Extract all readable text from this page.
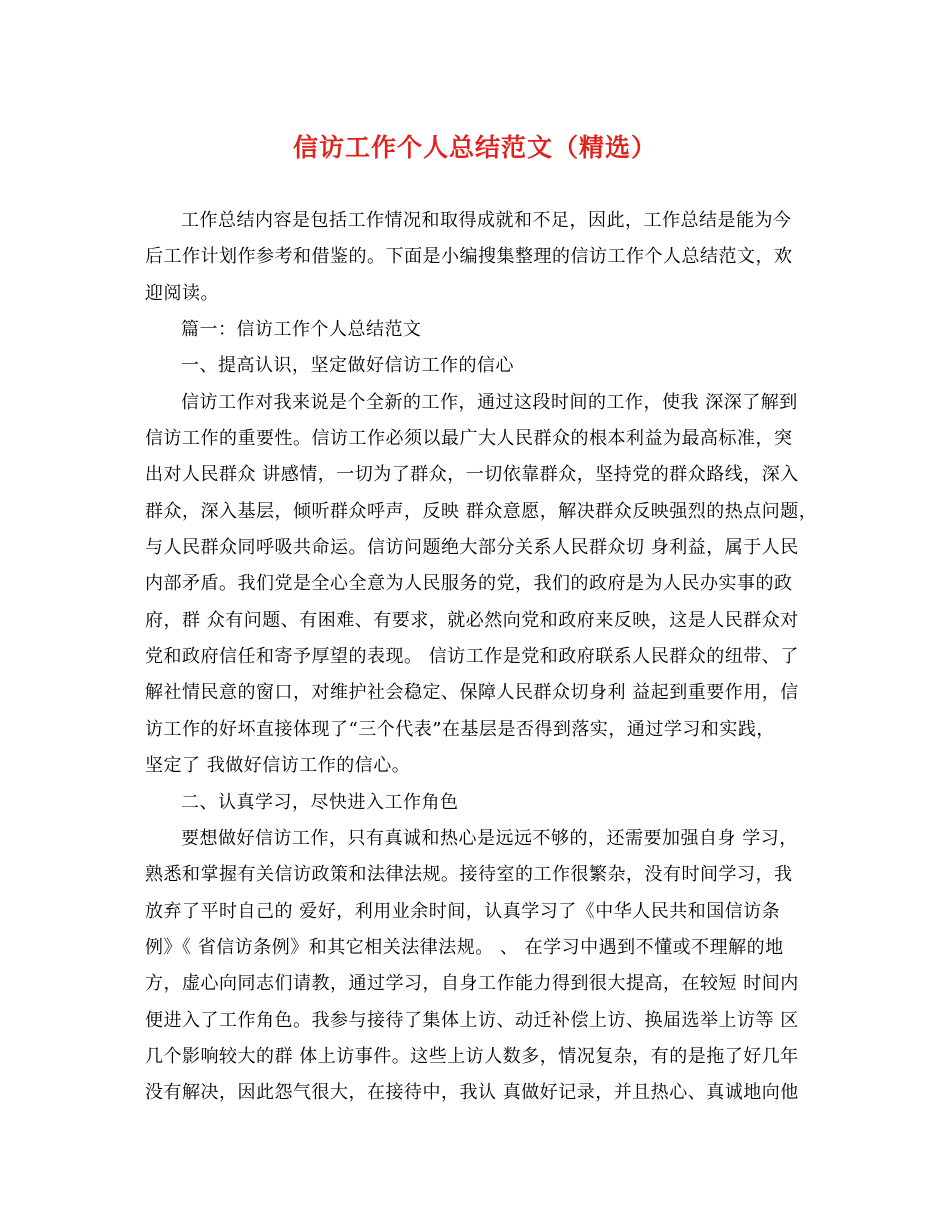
信访工作个人总结范文（精选）
工作总结内容是包括工作情况和取得成就和不足，因此，工作总结是能为今
后工作计划作参考和借鉴的。下面是小编搜集整理的信访工作个人总结范文，欢
迎阅读。
篇一：信访工作个人总结范文
一、提高认识，坚定做好信访工作的信心
信访工作对我来说是个全新的工作，通过这段时间的工作，使我 深深了解到
信访工作的重要性。信访工作必须以最广大人民群众的根本利益为最高标准，突
出对人民群众 讲感情，一切为了群众，一切依靠群众，坚持党的群众路线，深入
群众，深入基层，倾听群众呼声，反映 群众意愿，解决群众反映强烈的热点问题，
与人民群众同呼吸共命运。信访问题绝大部分关系人民群众切 身利益，属于人民
内部矛盾。我们党是全心全意为人民服务的党，我们的政府是为人民办实事的政
府，群 众有问题、有困难、有要求，就必然向党和政府来反映，这是人民群众对
党和政府信任和寄予厚望的表现。 信访工作是党和政府联系人民群众的纽带、了
解社情民意的窗口，对维护社会稳定、保障人民群众切身利 益起到重要作用，信
访工作的好坏直接体现了“三个代表”在基层是否得到落实，通过学习和实践，
坚定了 我做好信访工作的信心。
二、认真学习，尽快进入工作角色
要想做好信访工作，只有真诚和热心是远远不够的，还需要加强自身 学习，
熟悉和掌握有关信访政策和法律法规。接待室的工作很繁杂，没有时间学习，我
放弃了平时自己的 爱好，利用业余时间，认真学习了《中华人民共和国信访条
例》《 省信访条例》和其它相关法律法规。 、 在学习中遇到不懂或不理解的地
方，虚心向同志们请教，通过学习，自身工作能力得到很大提高，在较短 时间内
便进入了工作角色。我参与接待了集体上访、动迁补偿上访、换届选举上访等 区
几个影响较大的群 体上访事件。这些上访人数多，情况复杂，有的是拖了好几年
没有解决，因此怨气很大，在接待中，我认 真做好记录，并且热心、真诚地向他
